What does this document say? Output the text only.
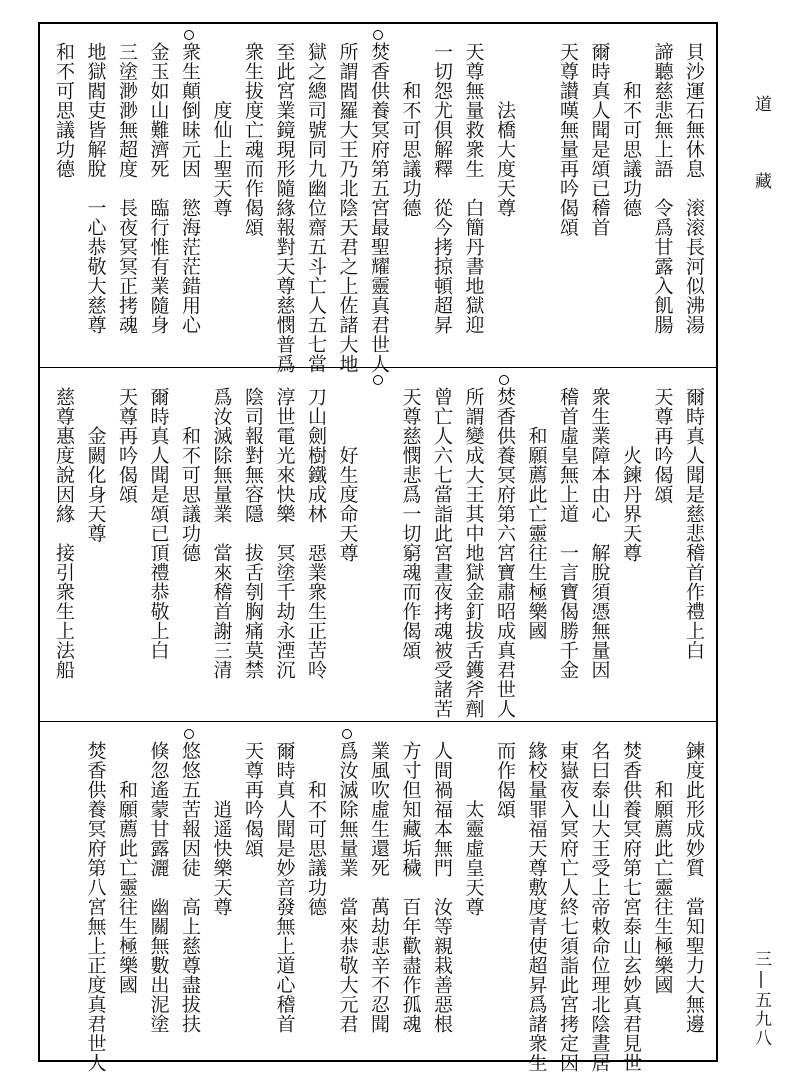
貝沙運石無休息　滚滚長河似沸湯
諦聽慈悲無上語　令爲甘露入飢腸
　　和不可思議功德
爾時真人聞是頌已稽首
天尊讃嘆無量再吟偈頌
　　　法橋大度天尊
天尊無量救衆生　白簡丹書地獄迎
一切怨尤俱解釋　從今拷掠頓超昇
　　和不可思議功德
焚香供養冥府第五宮最聖耀靈真君世人
所謂閻羅大王乃北陰天君之上佐諸大地
獄之總司號同九幽位齋五斗亡人五七當
至此宮業鏡現形隨緣報對天尊慈憫普爲
衆生拔度亡魂而作偈頌
　　　度仙上聖天尊
衆生顛倒昧元因　慾海茫茫錯用心
金玉如山難濟死　臨行惟有業隨身
三塗渺渺無超度　長夜冥冥正拷魂
地獄閻吏皆解脫　一心恭敬大慈尊
和不可思議功德
爾時真人聞是慈悲稽首作禮上白
天尊再吟偈頌
　　　火鍊丹界天尊
衆生業障本由心　解脫須憑無量因
稽首虛皇無上道　一言寶偈勝千金
　　和願薦此亡靈往生極樂國
焚香供養冥府第六宮寶肅昭成真君世人
所謂變成大王其中地獄金釘拔舌鑊斧劑
曾亡人六七當詣此宮晝夜拷魂被受諸苦
天尊慈憫悲爲一切窮魂而作偈頌
　　　好生度命天尊
刀山劍樹鐵成林　惡業衆生正苦呤
淳世電光來快樂　冥塗千劫永湮沉
陰司報對無容隱　拔舌刳胸痛莫禁
爲汝滅除無量業　當來稽首謝三清
　　和不可思議功德
爾時真人聞是頌已頂禮恭敬上白
天尊再吟偈頌
　　金闕化身天尊
慈尊惠度說因緣　接引衆生上法船
鍊度此形成妙質　當知聖力大無邊
　　和願薦此亡靈往生極樂國
焚香供養冥府第七宮泰山玄妙真君見世
名曰泰山大王受上帝敕命位理北陰晝居
東嶽夜入冥府亡人終七須詣此宮拷定因
緣校量罪福天尊敷度青使超昇爲諸衆生
而作偈頌
　　　太靈虛皇天尊
人間禍福本無門　汝等親栽善惡根
方寸但知藏垢穢　百年歡盡作孤魂
業風吹虛生還死　萬劫悲辛不忍聞
爲汝滅除無量業　當來恭敬大元君
　　和不可思議功德
爾時真人聞是妙音發無上道心稽首
天尊再吟偈頌
　　　逍遥快樂天尊
悠悠五苦報因徒　高上慈尊盡拔扶
倏忽遙蒙甘露灑　幽關無數出泥塗
　　和願薦此亡靈往生極樂國
焚香供養冥府第八宮無上正度真君世人
道
藏
三|五九八
